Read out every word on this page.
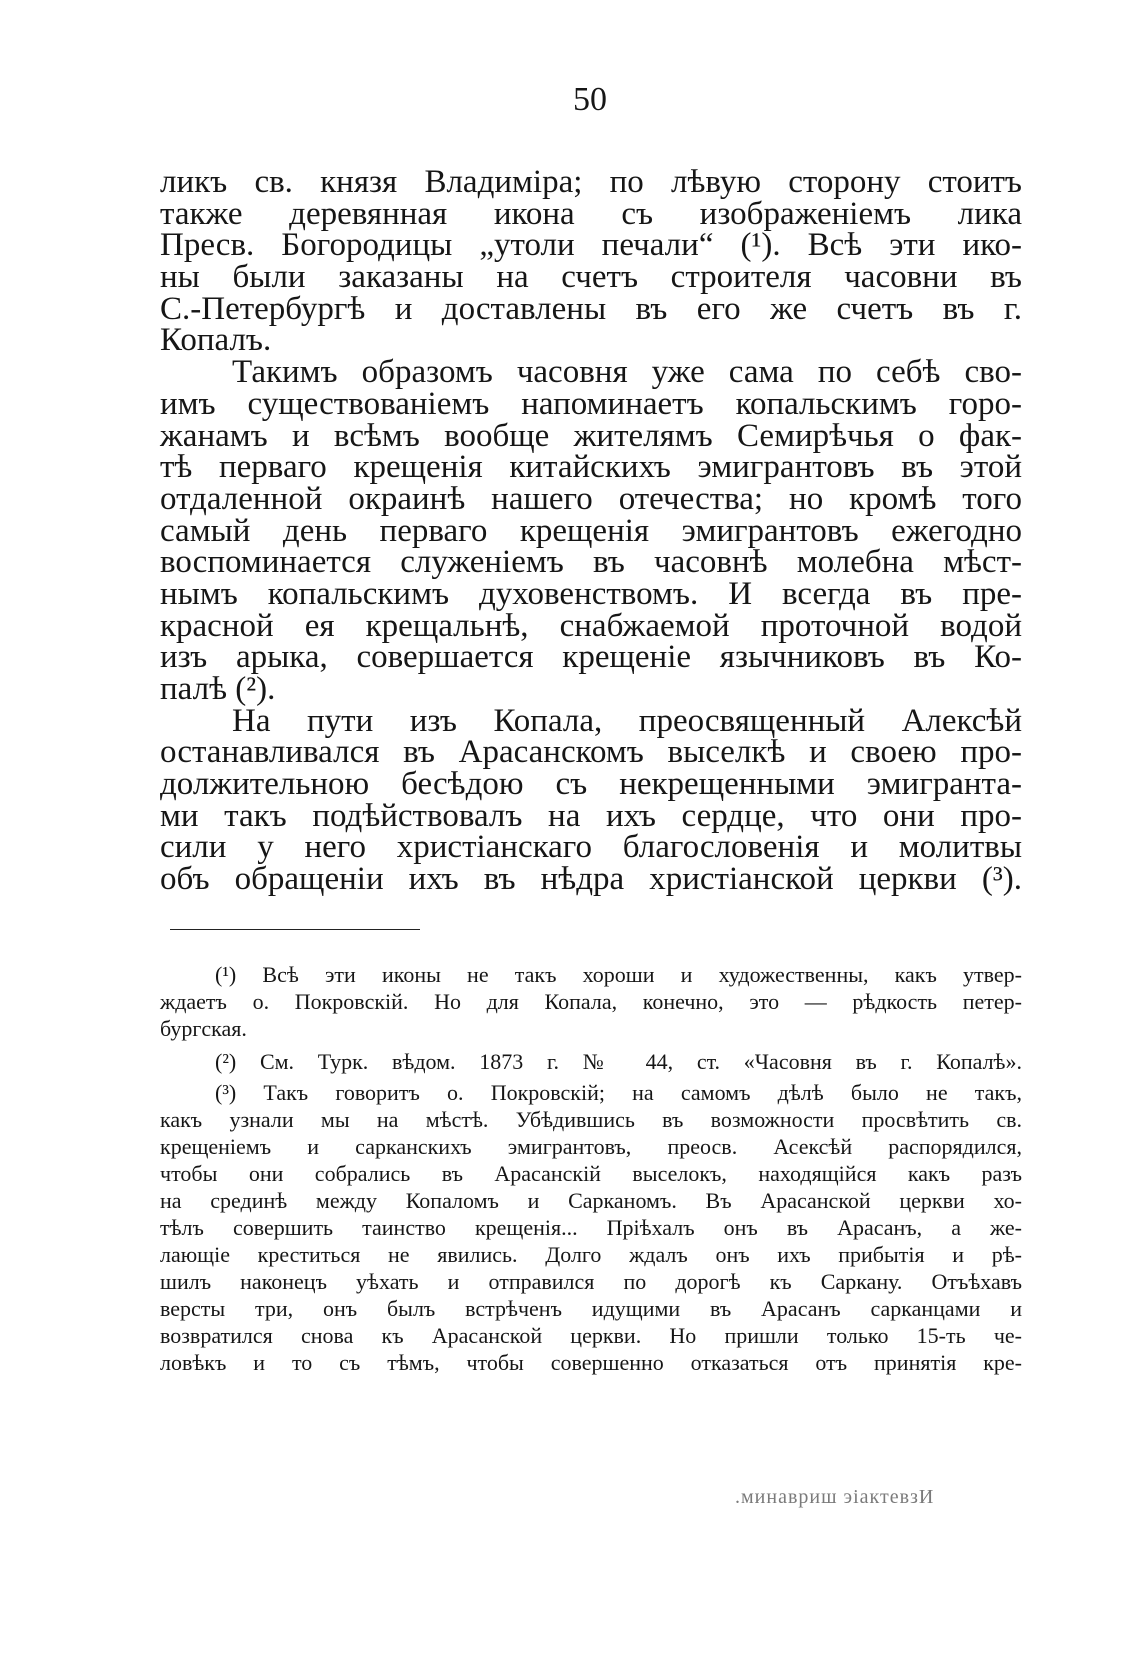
50
ликъ св. князя Владиміра; по лѣвую сторону стоитъ
также деревянная икона съ изображеніемъ лика
Пресв. Богородицы „утоли печали“ (¹). Всѣ эти ико-
ны были заказаны на счетъ строителя часовни въ
С.-Петербургѣ и доставлены въ его же счетъ въ г.
Копалъ.
Такимъ образомъ часовня уже сама по себѣ сво-
имъ существованіемъ напоминаетъ копальскимъ горо-
жанамъ и всѣмъ вообще жителямъ Семирѣчья о фак-
тѣ перваго крещенія китайскихъ эмигрантовъ въ этой
отдаленной окраинѣ нашего отечества; но кромѣ того
самый день перваго крещенія эмигрантовъ ежегодно
воспоминается служеніемъ въ часовнѣ молебна мѣст-
нымъ копальскимъ духовенствомъ. И всегда въ пре-
красной ея крещальнѣ, снабжаемой проточной водой
изъ арыка, совершается крещеніе язычниковъ въ Ко-
палѣ (²).
На пути изъ Копала, преосвященный Алексѣй
останавливался въ Арасанскомъ выселкѣ и своею про-
должительною бесѣдою съ некрещенными эмигранта-
ми такъ подѣйствовалъ на ихъ сердце, что они про-
сили у него христіанскаго благословенія и молитвы
объ обращеніи ихъ въ нѣдра христіанской церкви (³).
(¹) Всѣ эти иконы не такъ хороши и художественны, какъ утвер-
ждаетъ о. Покровскій. Но для Копала, конечно, это — рѣдкость петер-
бургская.
(²) См. Турк. вѣдом. 1873 г. № 44, ст. «Часовня въ г. Копалѣ».
(³) Такъ говоритъ о. Покровскій; на самомъ дѣлѣ было не такъ,
какъ узнали мы на мѣстѣ. Убѣдившись въ возможности просвѣтить св.
крещеніемъ и сарканскихъ эмигрантовъ, преосв. Асексѣй распорядился,
чтобы они собрались въ Арасанскій выселокъ, находящійся какъ разъ
на срединѣ между Копаломъ и Сарканомъ. Въ Арасанской церкви хо-
тѣлъ совершить таинство крещенія... Пріѣхалъ онъ въ Арасанъ, а же-
лающіе креститься не явились. Долго ждалъ онъ ихъ прибытія и рѣ-
шилъ наконецъ уѣхать и отправился по дорогѣ къ Саркану. Отъѣхавъ
версты три, онъ былъ встрѣченъ идущими въ Арасанъ сарканцами и
возвратился снова къ Арасанской церкви. Но пришли только 15-ть че-
ловѣкъ и то съ тѣмъ, чтобы совершенно отказаться отъ принятія кре-
.минавриш эіактевзИ
